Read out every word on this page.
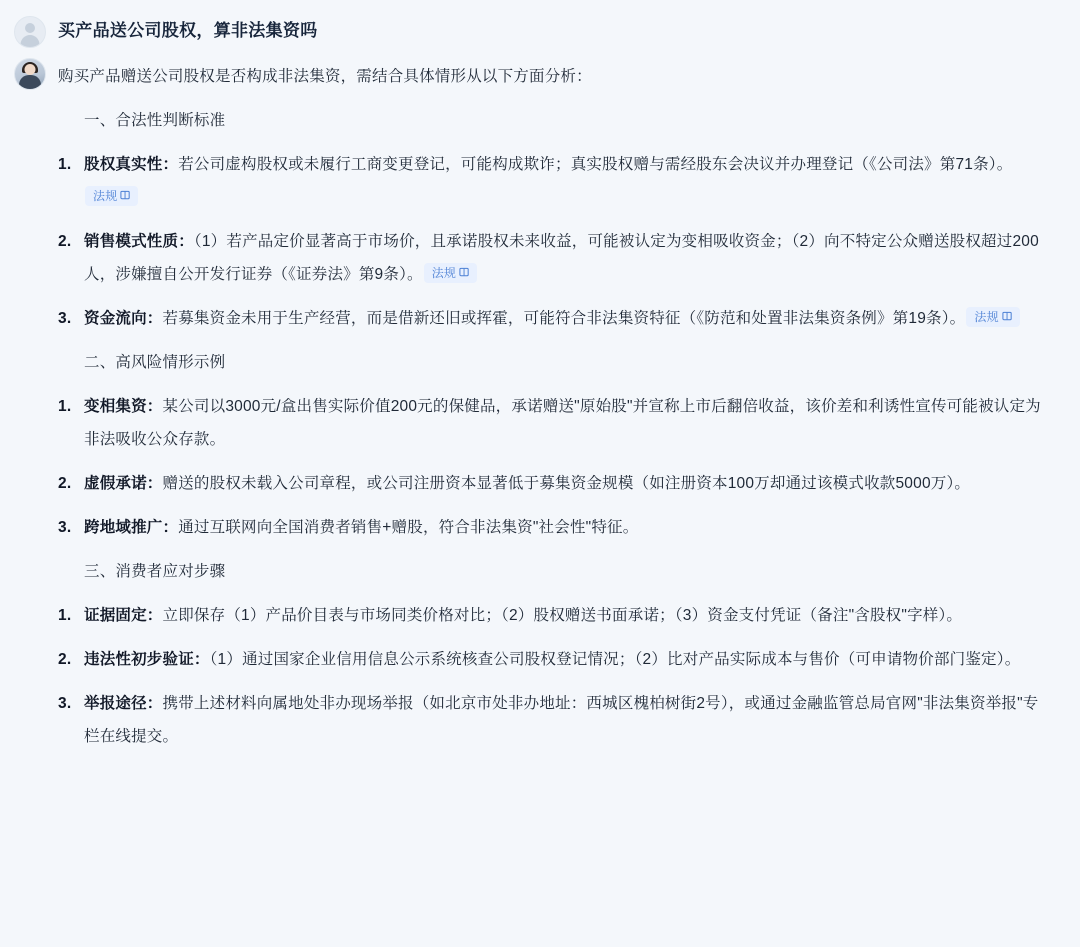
买产品送公司股权，算非法集资吗

购买产品赠送公司股权是否构成非法集资，需结合具体情形从以下方面分析：

一、合法性判断标准
1. 股权真实性：若公司虚构股权或未履行工商变更登记，可能构成欺诈；真实股权赠与需经股东会决议并办理登记（《公司法》第71条）。法规
2. 销售模式性质：（1）若产品定价显著高于市场价，且承诺股权未来收益，可能被认定为变相吸收资金；（2）向不特定公众赠送股权超过200人，涉嫌擅自公开发行证券（《证券法》第9条）。 法规
3. 资金流向：若募集资金未用于生产经营，而是借新还旧或挥霍，可能符合非法集资特征（《防范和处置非法集资条例》第19条）。 法规
二、高风险情形示例
1. 变相集资：某公司以3000元/盒出售实际价值200元的保健品，承诺赠送"原始股"并宣称上市后翻倍收益，该价差和利诱性宣传可能被认定为非法吸收公众存款。
2. 虚假承诺：赠送的股权未载入公司章程，或公司注册资本显著低于募集资金规模（如注册资本100万却通过该模式收款5000万）。
3. 跨地域推广：通过互联网向全国消费者销售+赠股，符合非法集资"社会性"特征。
三、消费者应对步骤
1. 证据固定：立即保存（1）产品价目表与市场同类价格对比；（2）股权赠送书面承诺；（3）资金支付凭证（备注"含股权"字样）。
2. 违法性初步验证：（1）通过国家企业信用信息公示系统核查公司股权登记情况；（2）比对产品实际成本与售价（可申请物价部门鉴定）。
3. 举报途径：携带上述材料向属地处非办现场举报（如北京市处非办地址：西城区槐柏树街2号），或通过金融监管总局官网"非法集资举报"专栏在线提交。
